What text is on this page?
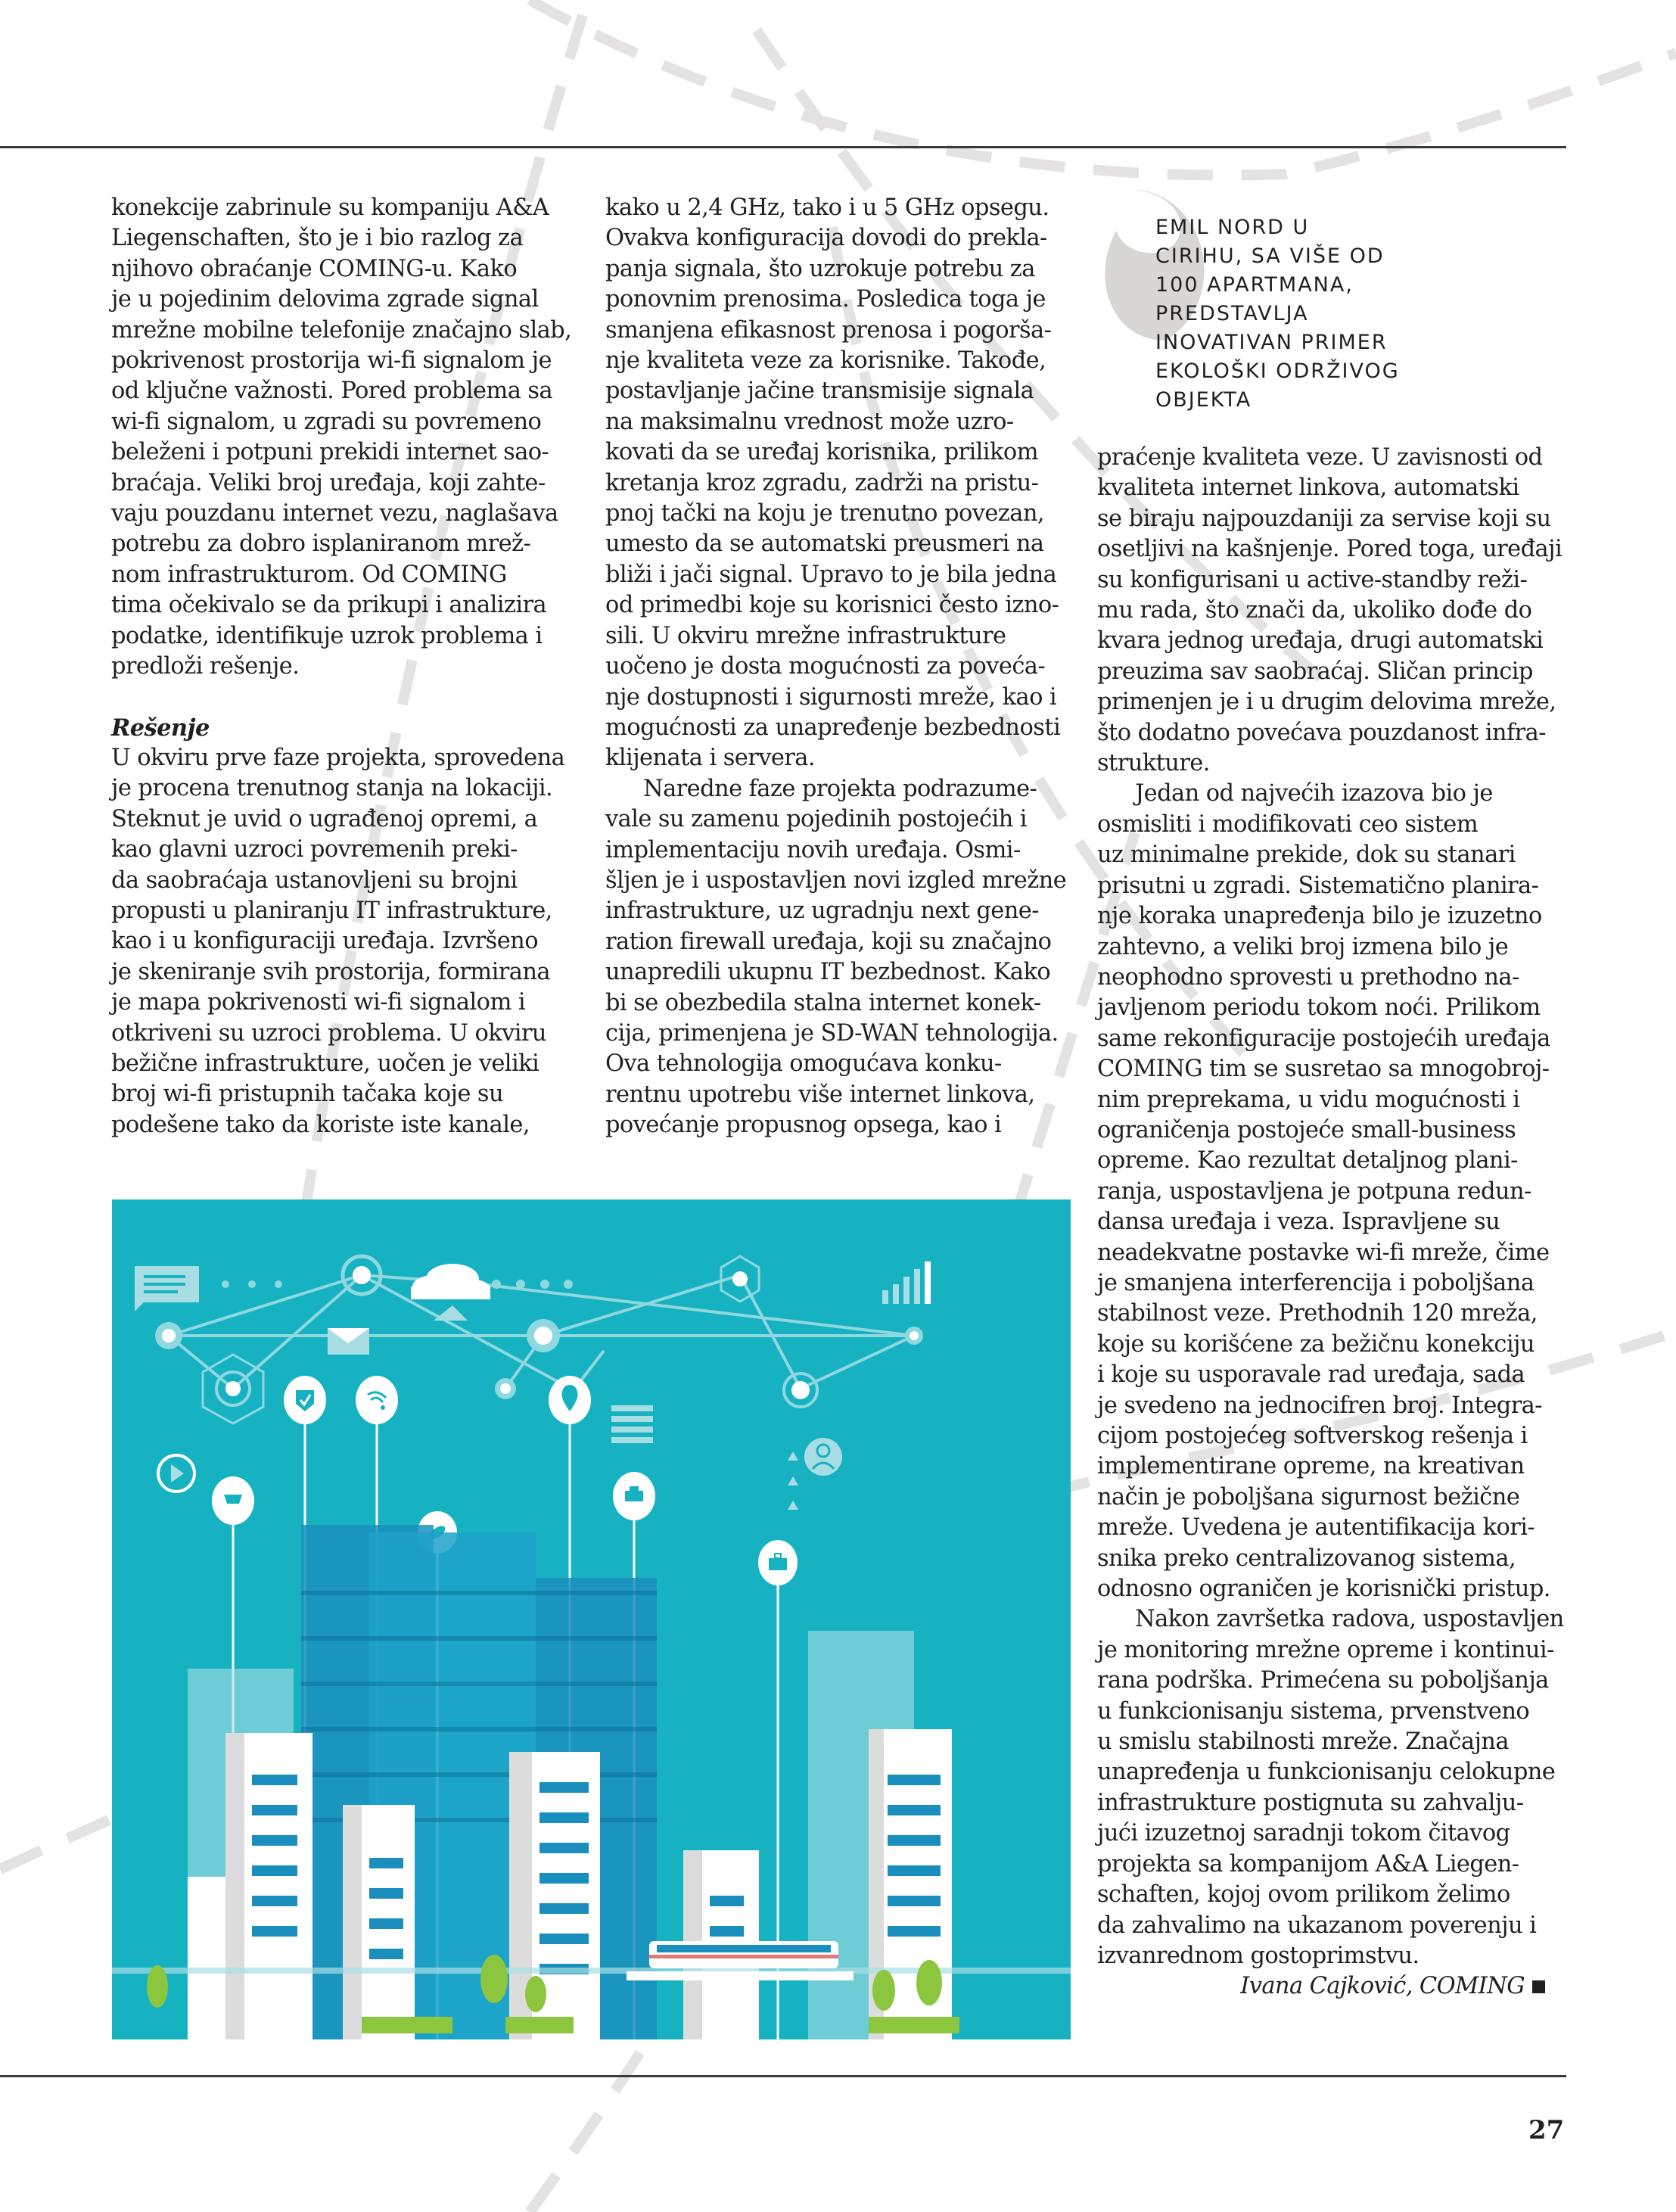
EMIL NORD U
CIRIHU, SA VIŠE OD
100 APARTMANA,
PREDSTAVLJA
INOVATIVAN PRIMER
EKOLOŠKI ODRŽIVOG
OBJEKTA

konekcije zabrinule su kompaniju A&A
Liegenschaften, što je i bio razlog za
njihovo obraćanje COMING-u. Kako
je u pojedinim delovima zgrade signal
mrežne mobilne telefonije značajno slab,
pokrivenost prostorija wi-fi signalom je
od ključne važnosti. Pored problema sa
wi-fi signalom, u zgradi su povremeno
beleženi i potpuni prekidi internet sao-
braćaja. Veliki broj uređaja, koji zahte-
vaju pouzdanu internet vezu, naglašava
potrebu za dobro isplaniranom mrež-
nom infrastrukturom. Od COMING
tima očekivalo se da prikupi i analizira
podatke, identifikuje uzrok problema i
predloži rešenje.

Rešenje

U okviru prve faze projekta, sprovedena
je procena trenutnog stanja na lokaciji.
Steknut je uvid o ugrađenoj opremi, a
kao glavni uzroci povremenih preki-
da saobraćaja ustanovljeni su brojni
propusti u planiranju IT infrastrukture,
kao i u konfiguraciji uređaja. Izvršeno
je skeniranje svih prostorija, formirana
je mapa pokrivenosti wi-fi signalom i
otkriveni su uzroci problema. U okviru
bežične infrastrukture, uočen je veliki
broj wi-fi pristupnih tačaka koje su
podešene tako da koriste iste kanale,

kako u 2,4 GHz, tako i u 5 GHz opsegu.
Ovakva konfiguracija dovodi do prekla-
panja signala, što uzrokuje potrebu za
ponovnim prenosima. Posledica toga je
smanjena efikasnost prenosa i pogorša-
nje kvaliteta veze za korisnike. Takođe,
postavljanje jačine transmisije signala
na maksimalnu vrednost može uzro-
kovati da se uređaj korisnika, prilikom
kretanja kroz zgradu, zadrži na pristu-
pnoj tački na koju je trenutno povezan,
umesto da se automatski preusmeri na
bliži i jači signal. Upravo to je bila jedna
od primedbi koje su korisnici često izno-
sili. U okviru mrežne infrastrukture
uočeno je dosta mogućnosti za poveća-
nje dostupnosti i sigurnosti mreže, kao i
mogućnosti za unapređenje bezbednosti
klijenata i servera.

Naredne faze projekta podrazume-
vale su zamenu pojedinih postojećih i
implementaciju novih uređaja. Osmi-
šljen je i uspostavljen novi izgled mrežne
infrastrukture, uz ugradnju next gene-
ration firewall uređaja, koji su značajno
unapredili ukupnu IT bezbednost. Kako
bi se obezbedila stalna internet konek-
cija, primenjena je SD-WAN tehnologija.
Ova tehnologija omogućava konku-
rentnu upotrebu više internet linkova,
povećanje propusnog opsega, kao i

praćenje kvaliteta veze. U zavisnosti od
kvaliteta internet linkova, automatski
se biraju najpouzdaniji za servise koji su
osetljivi na kašnjenje. Pored toga, uređaji
su konfigurisani u active-standby reži-
mu rada, što znači da, ukoliko dođe do
kvara jednog uređaja, drugi automatski
preuzima sav saobraćaj. Sličan princip
primenjen je i u drugim delovima mreže,
što dodatno povećava pouzdanost infra-
strukture.

Jedan od najvećih izazova bio je
osmisliti i modifikovati ceo sistem
uz minimalne prekide, dok su stanari
prisutni u zgradi. Sistematično planira-
nje koraka unapređenja bilo je izuzetno
zahtevno, a veliki broj izmena bilo je
neophodno sprovesti u prethodno na-
javljenom periodu tokom noći. Prilikom
same rekonfiguracije postojećih uređaja
COMING tim se susretao sa mnogobroj-
nim preprekama, u vidu mogućnosti i
ograničenja postojeće small-business
opreme. Kao rezultat detaljnog plani-
ranja, uspostavljena je potpuna redun-
dansa uređaja i veza. Ispravljene su
neadekvatne postavke wi-fi mreže, čime
je smanjena interferencija i poboljšana
stabilnost veze. Prethodnih 120 mreža,
koje su korišćene za bežičnu konekciju
i koje su usporavale rad uređaja, sada
je svedeno na jednocifren broj. Integra-
cijom postojećeg softverskog rešenja i
implementirane opreme, na kreativan
način je poboljšana sigurnost bežične
mreže. Uvedena je autentifikacija kori-
snika preko centralizovanog sistema,
odnosno ograničen je korisnički pristup.

Nakon završetka radova, uspostavljen
je monitoring mrežne opreme i kontinui-
rana podrška. Primećena su poboljšanja
u funkcionisanju sistema, prvenstveno
u smislu stabilnosti mreže. Značajna
unapređenja u funkcionisanju celokupne
infrastrukture postignuta su zahvalju-
jući izuzetnoj saradnji tokom čitavog
projekta sa kompanijom A&A Liegen-
schaften, kojoj ovom prilikom želimo
da zahvalimo na ukazanom poverenju i
izvanrednom gostoprimstvu.

Ivana Cajković, COMING
27
